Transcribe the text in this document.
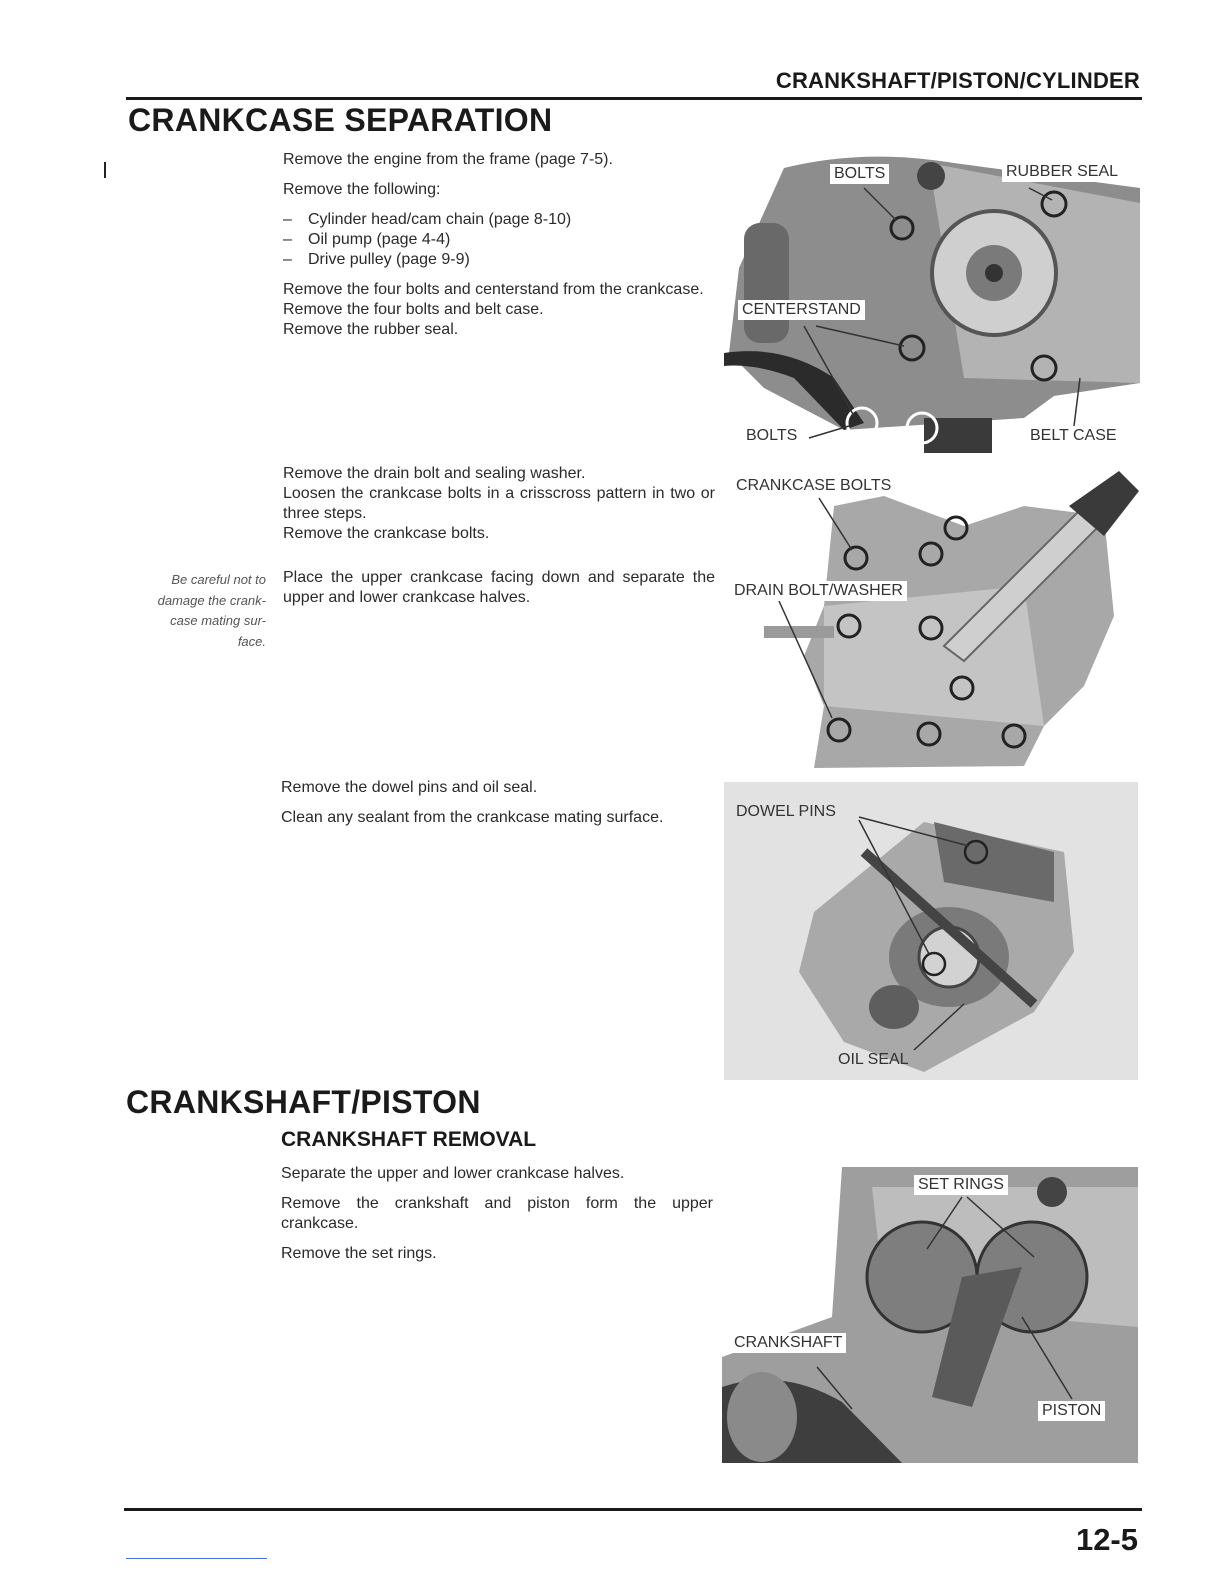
CRANKSHAFT/PISTON/CYLINDER
CRANKCASE SEPARATION

Remove the engine from the frame (page 7-5).

Remove the following:

–	Cylinder head/cam chain (page 8-10)
–	Oil pump (page 4-4)
–	Drive pulley (page 9-9)

Remove the four bolts and centerstand from the crankcase.

Remove the four bolts and belt case.

Remove the rubber seal.

Remove the drain bolt and sealing washer.

Loosen the crankcase bolts in a crisscross pattern in two or three steps.

Remove the crankcase bolts.

Be careful not to
damage the crank-
case mating sur-
face.
Place the upper crankcase facing down and separate the upper and lower crankcase halves.

Remove the dowel pins and oil seal.

Clean any sealant from the crankcase mating surface.

BOLTS	RUBBER SEAL
CENTERSTAND
BOLTS	BELT CASE
CRANKCASE BOLTS
DRAIN BOLT/WASHER
DOWEL PINS
OIL SEAL
CRANKSHAFT/PISTON
CRANKSHAFT REMOVAL

Separate the upper and lower crankcase halves.

Remove the crankshaft and piston form the upper crankcase.

Remove the set rings.

SET RINGS
CRANKSHAFT
PISTON
12-5
